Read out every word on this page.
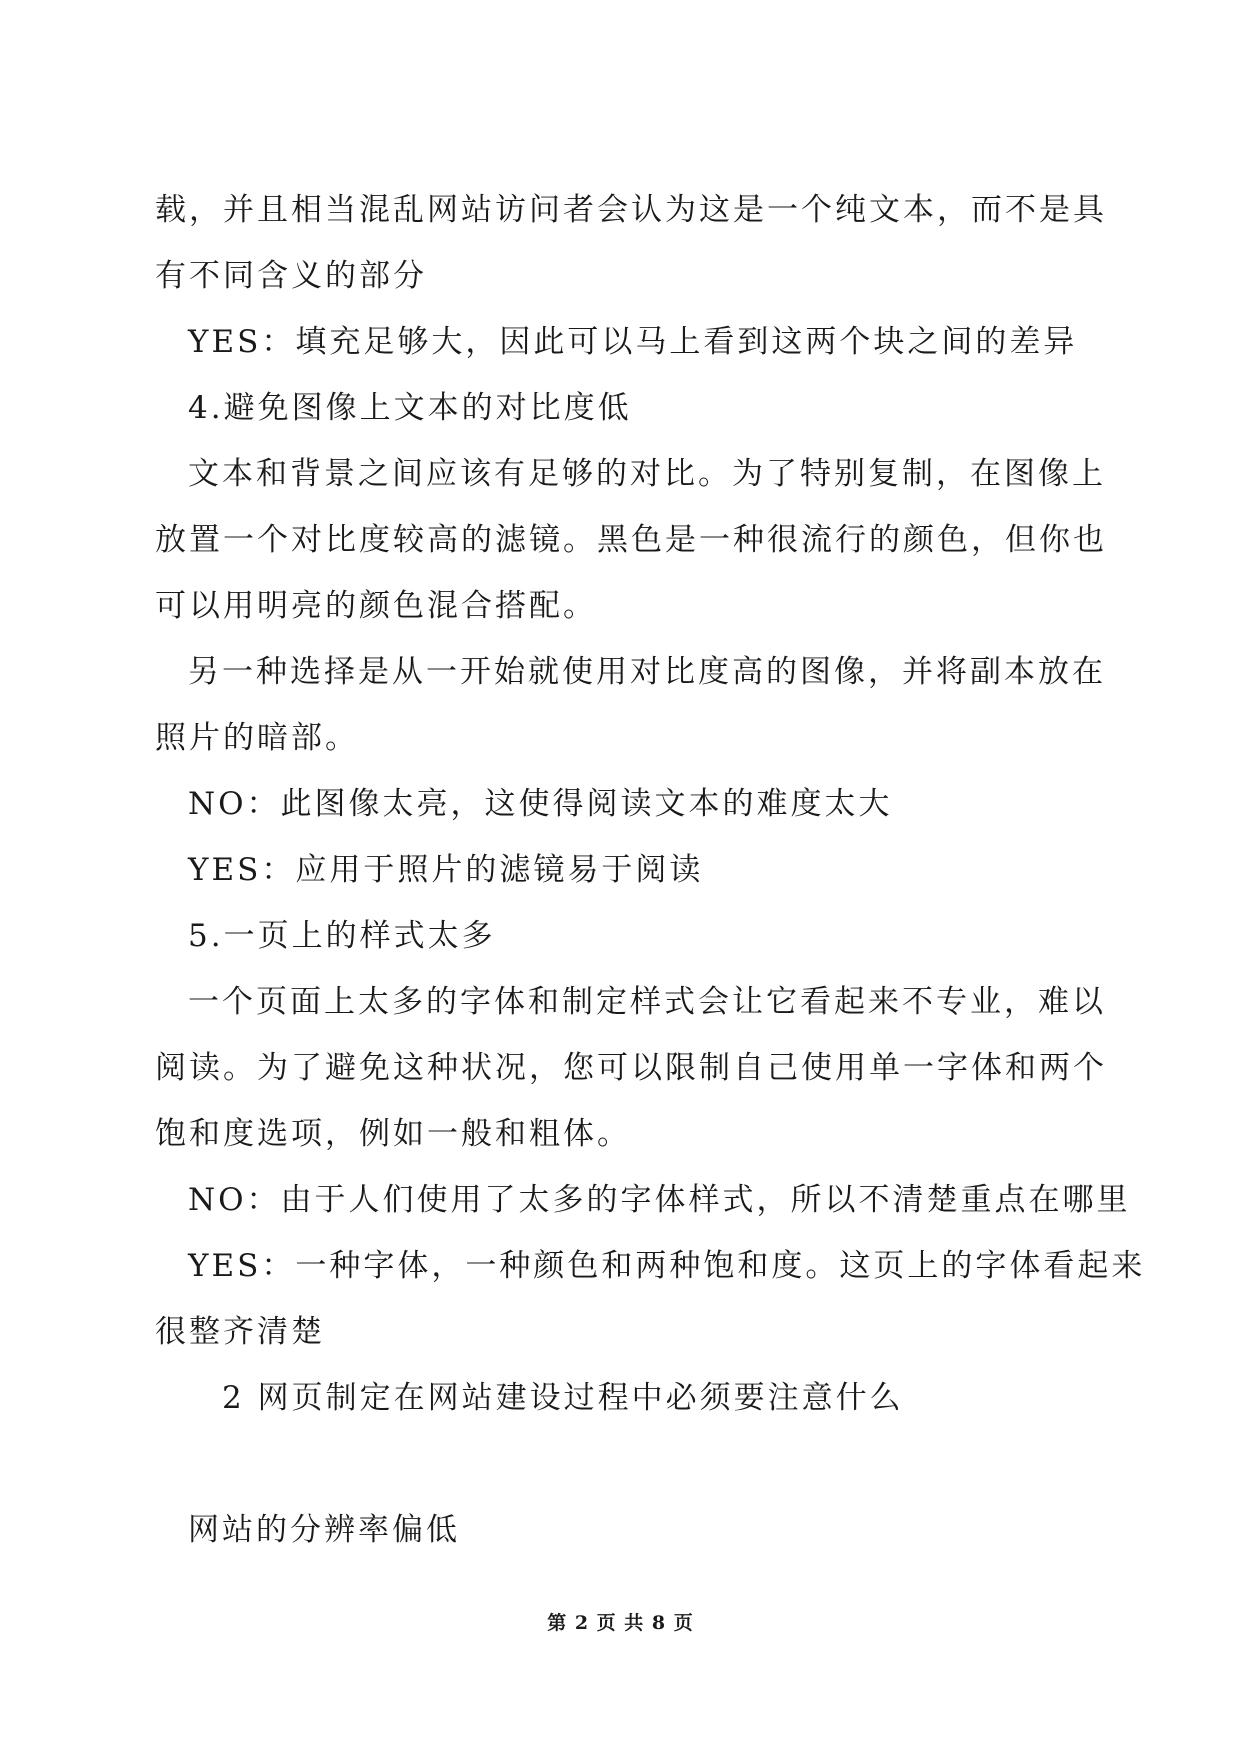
载，并且相当混乱网站访问者会认为这是一个纯文本，而不是具
有不同含义的部分
YES：填充足够大，因此可以马上看到这两个块之间的差异
4.避免图像上文本的对比度低
文本和背景之间应该有足够的对比。为了特别复制，在图像上
放置一个对比度较高的滤镜。黑色是一种很流行的颜色，但你也
可以用明亮的颜色混合搭配。
另一种选择是从一开始就使用对比度高的图像，并将副本放在
照片的暗部。
NO：此图像太亮，这使得阅读文本的难度太大
YES：应用于照片的滤镜易于阅读
5.一页上的样式太多
一个页面上太多的字体和制定样式会让它看起来不专业，难以
阅读。为了避免这种状况，您可以限制自己使用单一字体和两个
饱和度选项，例如一般和粗体。
NO：由于人们使用了太多的字体样式，所以不清楚重点在哪里
YES：一种字体，一种颜色和两种饱和度。这页上的字体看起来
很整齐清楚
2 网页制定在网站建设过程中必须要注意什么
网站的分辨率偏低
第 2 页 共 8 页
